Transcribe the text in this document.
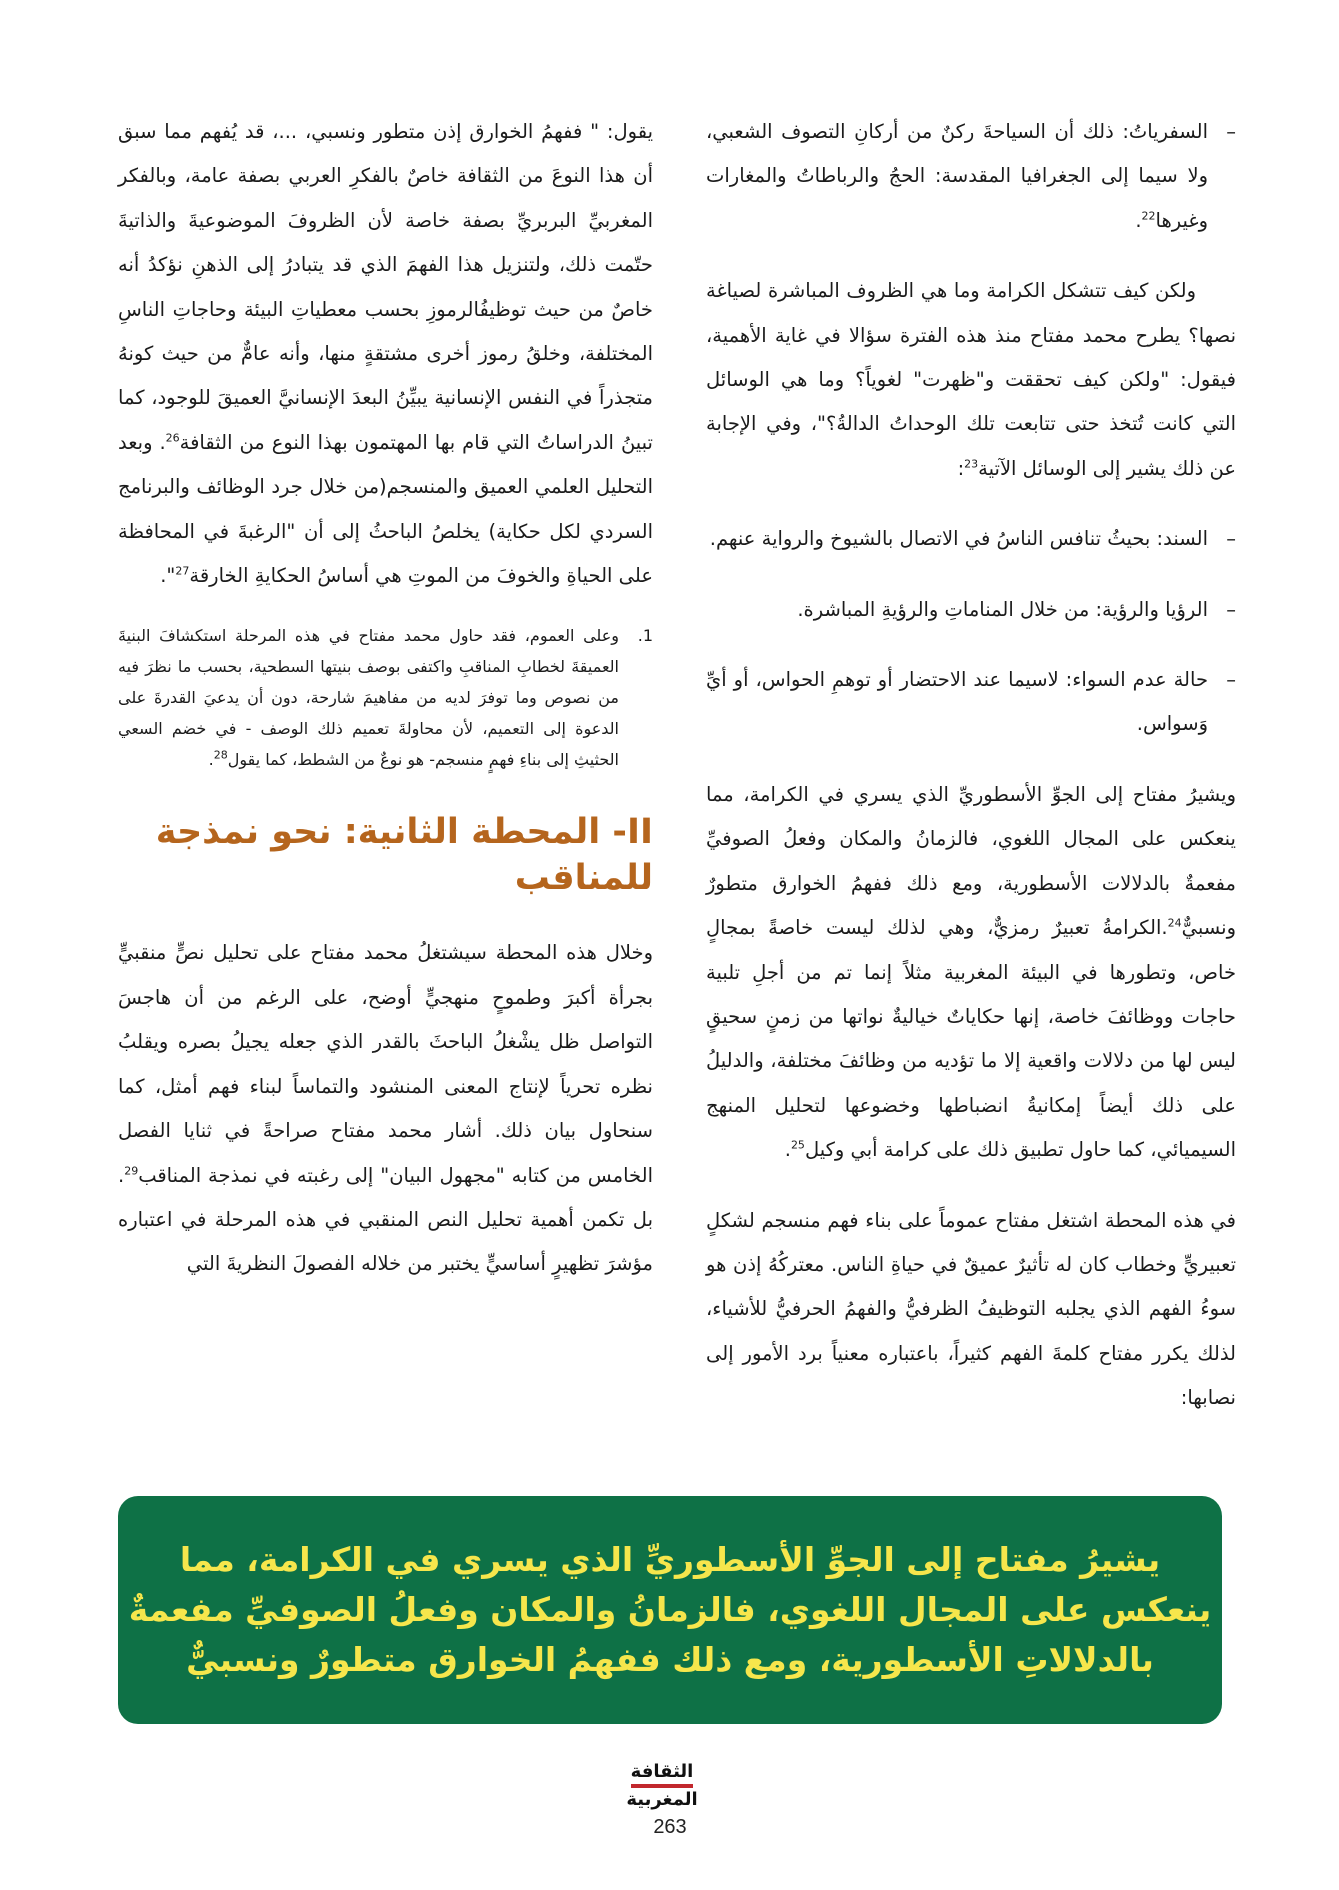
–

السفرياتُ: ذلك أن السياحةَ ركنٌ من أركانِ التصوف الشعبي، ولا سيما إلى الجغرافيا المقدسة: الحجُ والرباطاتُ والمغارات وغيرها$^{22}$.

ولكن كيف تتشكل الكرامة وما هي الظروف المباشرة لصياغة نصها؟ يطرح محمد مفتاح منذ هذه الفترة سؤالا في غاية الأهمية، فيقول: "ولكن كيف تحققت و"ظهرت" لغوياً؟ وما هي الوسائل التي كانت تُتخذ حتى تتابعت تلك الوحداتُ الدالةُ؟"، وفي الإجابة عن ذلك يشير إلى الوسائل الآتية$^{23}$:

–

السند: بحيثُ تنافس الناسُ في الاتصال بالشيوخ والرواية عنهم.

–

الرؤيا والرؤية: من خلال المناماتِ والرؤيةِ المباشرة.

–

حالة عدم السواء: لاسيما عند الاحتضار أو توهمِ الحواس، أو أيِّ وَسواس.

ويشيرُ مفتاح إلى الجوِّ الأسطوريِّ الذي يسري في الكرامة، مما ينعكس على المجال اللغوي، فالزمانُ والمكان وفعلُ الصوفيِّ مفعمةٌ بالدلالات الأسطورية، ومع ذلك ففهمُ الخوارق متطورٌ ونسبيٌّ$^{24}$.الكرامةُ تعبيرٌ رمزيٌّ، وهي لذلك ليست خاصةً بمجالٍ خاص، وتطورها في البيئة المغربية مثلاً إنما تم من أجلِ تلبية حاجات ووظائفَ خاصة، إنها حكاياتٌ خياليةٌ نواتها من زمنٍ سحيقٍ ليس لها من دلالات واقعية إلا ما تؤديه من وظائفَ مختلفة، والدليلُ على ذلك أيضاً إمكانيةُ انضباطها وخضوعها لتحليل المنهج السيميائي، كما حاول تطبيق ذلك على كرامة أبي وكيل$^{25}$.

في هذه المحطة اشتغل مفتاح عموماً على بناء فهم منسجم لشكلٍ تعبيريٍّ وخطاب كان له تأثيرٌ عميقٌ في حياةِ الناس. معتركُهُ إذن هو سوءُ الفهم الذي يجلبه التوظيفُ الظرفيُّ والفهمُ الحرفيُّ للأشياء، لذلك يكرر مفتاح كلمةَ الفهم كثيراً، باعتباره معنياً برد الأمور إلى نصابها:

يقول: " ففهمُ الخوارق إذن متطور ونسبي، ...، قد يُفهم مما سبق أن هذا النوعَ من الثقافة خاصٌ بالفكرِ العربي بصفة عامة، وبالفكر المغربيِّ البربريِّ بصفة خاصة لأن الظروفَ الموضوعيةَ والذاتيةَ حتّمت ذلك، ولتنزيل هذا الفهمَ الذي قد يتبادرُ إلى الذهنِ نؤكدُ أنه خاصٌ من حيث توظيفُالرموزِ بحسب معطياتِ البيئة وحاجاتِ الناسِ المختلفة، وخلقُ رموز أخرى مشتقةٍ منها، وأنه عامٌّ من حيث كونهُ متجذراً في النفس الإنسانية يبيِّنُ البعدَ الإنسانيَّ العميقَ للوجود، كما تبينُ الدراساتُ التي قام بها المهتمون بهذا النوع من الثقافة$^{26}$. وبعد التحليل العلمي العميق والمنسجم(من خلال جرد الوظائف والبرنامج السردي لكل حكاية) يخلصُ الباحثُ إلى أن "الرغبةَ في المحافظة على الحياةِ والخوفَ من الموتِ هي أساسُ الحكايةِ الخارقة$^{27}$".

1.

وعلى العموم، فقد حاول محمد مفتاح في هذه المرحلة استكشافَ البنيةَ العميقةَ لخطابِ المناقبِ واكتفى بوصف بنيتها السطحية، بحسب ما نظرَ فيه من نصوص وما توفرَ لديه من مفاهيمَ شارحة، دون أن يدعيَ القدرةَ على الدعوة إلى التعميم، لأن محاولةَ تعميم ذلك الوصف - في خضم السعي الحثيثِ إلى بناءِ فهمٍ منسجم- هو نوعٌ من الشطط، كما يقول$^{28}$.

II- المحطة الثانية: نحو نمذجة للمناقب

وخلال هذه المحطة سيشتغلُ محمد مفتاح على تحليل نصٍّ منقبيٍّ بجرأة أكبرَ وطموحٍ منهجيٍّ أوضح، على الرغم من أن هاجسَ التواصل ظل يشْغلُ الباحثَ بالقدر الذي جعله يجيلُ بصره ويقلبُ نظره تحرياً لإنتاج المعنى المنشود والتماساً لبناء فهم أمثل، كما سنحاول بيان ذلك. أشار محمد مفتاح صراحةً في ثنايا الفصل الخامس من كتابه "مجهول البيان" إلى رغبته في نمذجة المناقب$^{29}$. بل تكمن أهمية تحليل النص المنقبي في هذه المرحلة في اعتباره مؤشرَ تظهيرٍ أساسيٍّ يختبر من خلاله الفصولَ النظريةَ التي

يشيرُ مفتاح إلى الجوِّ الأسطوريِّ الذي يسري في الكرامة، مما

ينعكس على المجال اللغوي، فالزمانُ والمكان وفعلُ الصوفيِّ مفعمةٌ

بالدلالاتِ الأسطورية، ومع ذلك ففهمُ الخوارق متطورٌ ونسبيٌّ

الثقافة
المغربية
263
